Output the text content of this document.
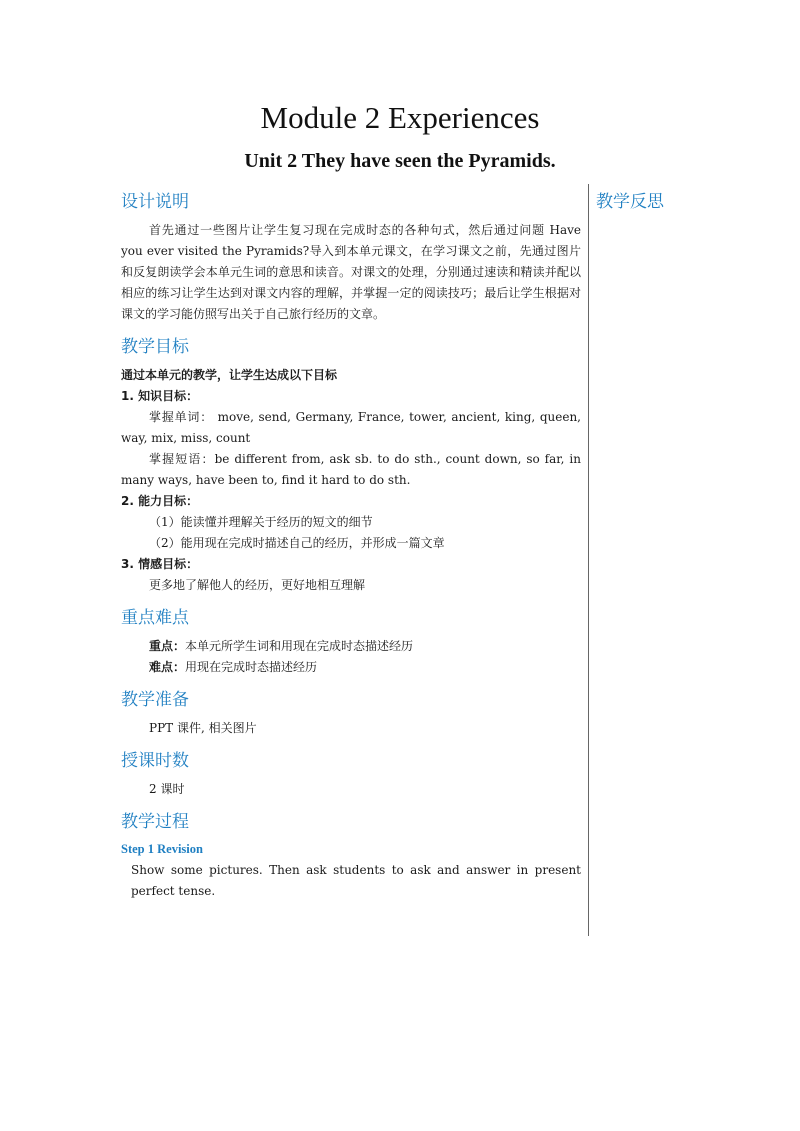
Module 2 Experiences
Unit 2 They have seen the Pyramids.
教学反思
设计说明

首先通过一些图片让学生复习现在完成时态的各种句式，然后通过问题 Have you ever visited the Pyramids?导入到本单元课文，在学习课文之前，先通过图片和反复朗读学会本单元生词的意思和读音。对课文的处理，分别通过速读和精读并配以相应的练习让学生达到对课文内容的理解，并掌握一定的阅读技巧；最后让学生根据对课文的学习能仿照写出关于自己旅行经历的文章。

教学目标

通过本单元的教学，让学生达成以下目标

1. 知识目标：

掌握单词： move, send, Germany, France, tower, ancient, king, queen, way, mix, miss, count

掌握短语：be different from, ask sb. to do sth., count down, so far, in many ways, have been to, find it hard to do sth.

2. 能力目标：

（1）能读懂并理解关于经历的短文的细节

（2）能用现在完成时描述自己的经历，并形成一篇文章

3. 情感目标：

更多地了解他人的经历，更好地相互理解

重点难点

重点：本单元所学生词和用现在完成时态描述经历

难点：用现在完成时态描述经历

教学准备

PPT 课件, 相关图片

授课时数

2 课时

教学过程
Step 1 Revision

Show some pictures. Then ask students to ask and answer in present perfect tense.
